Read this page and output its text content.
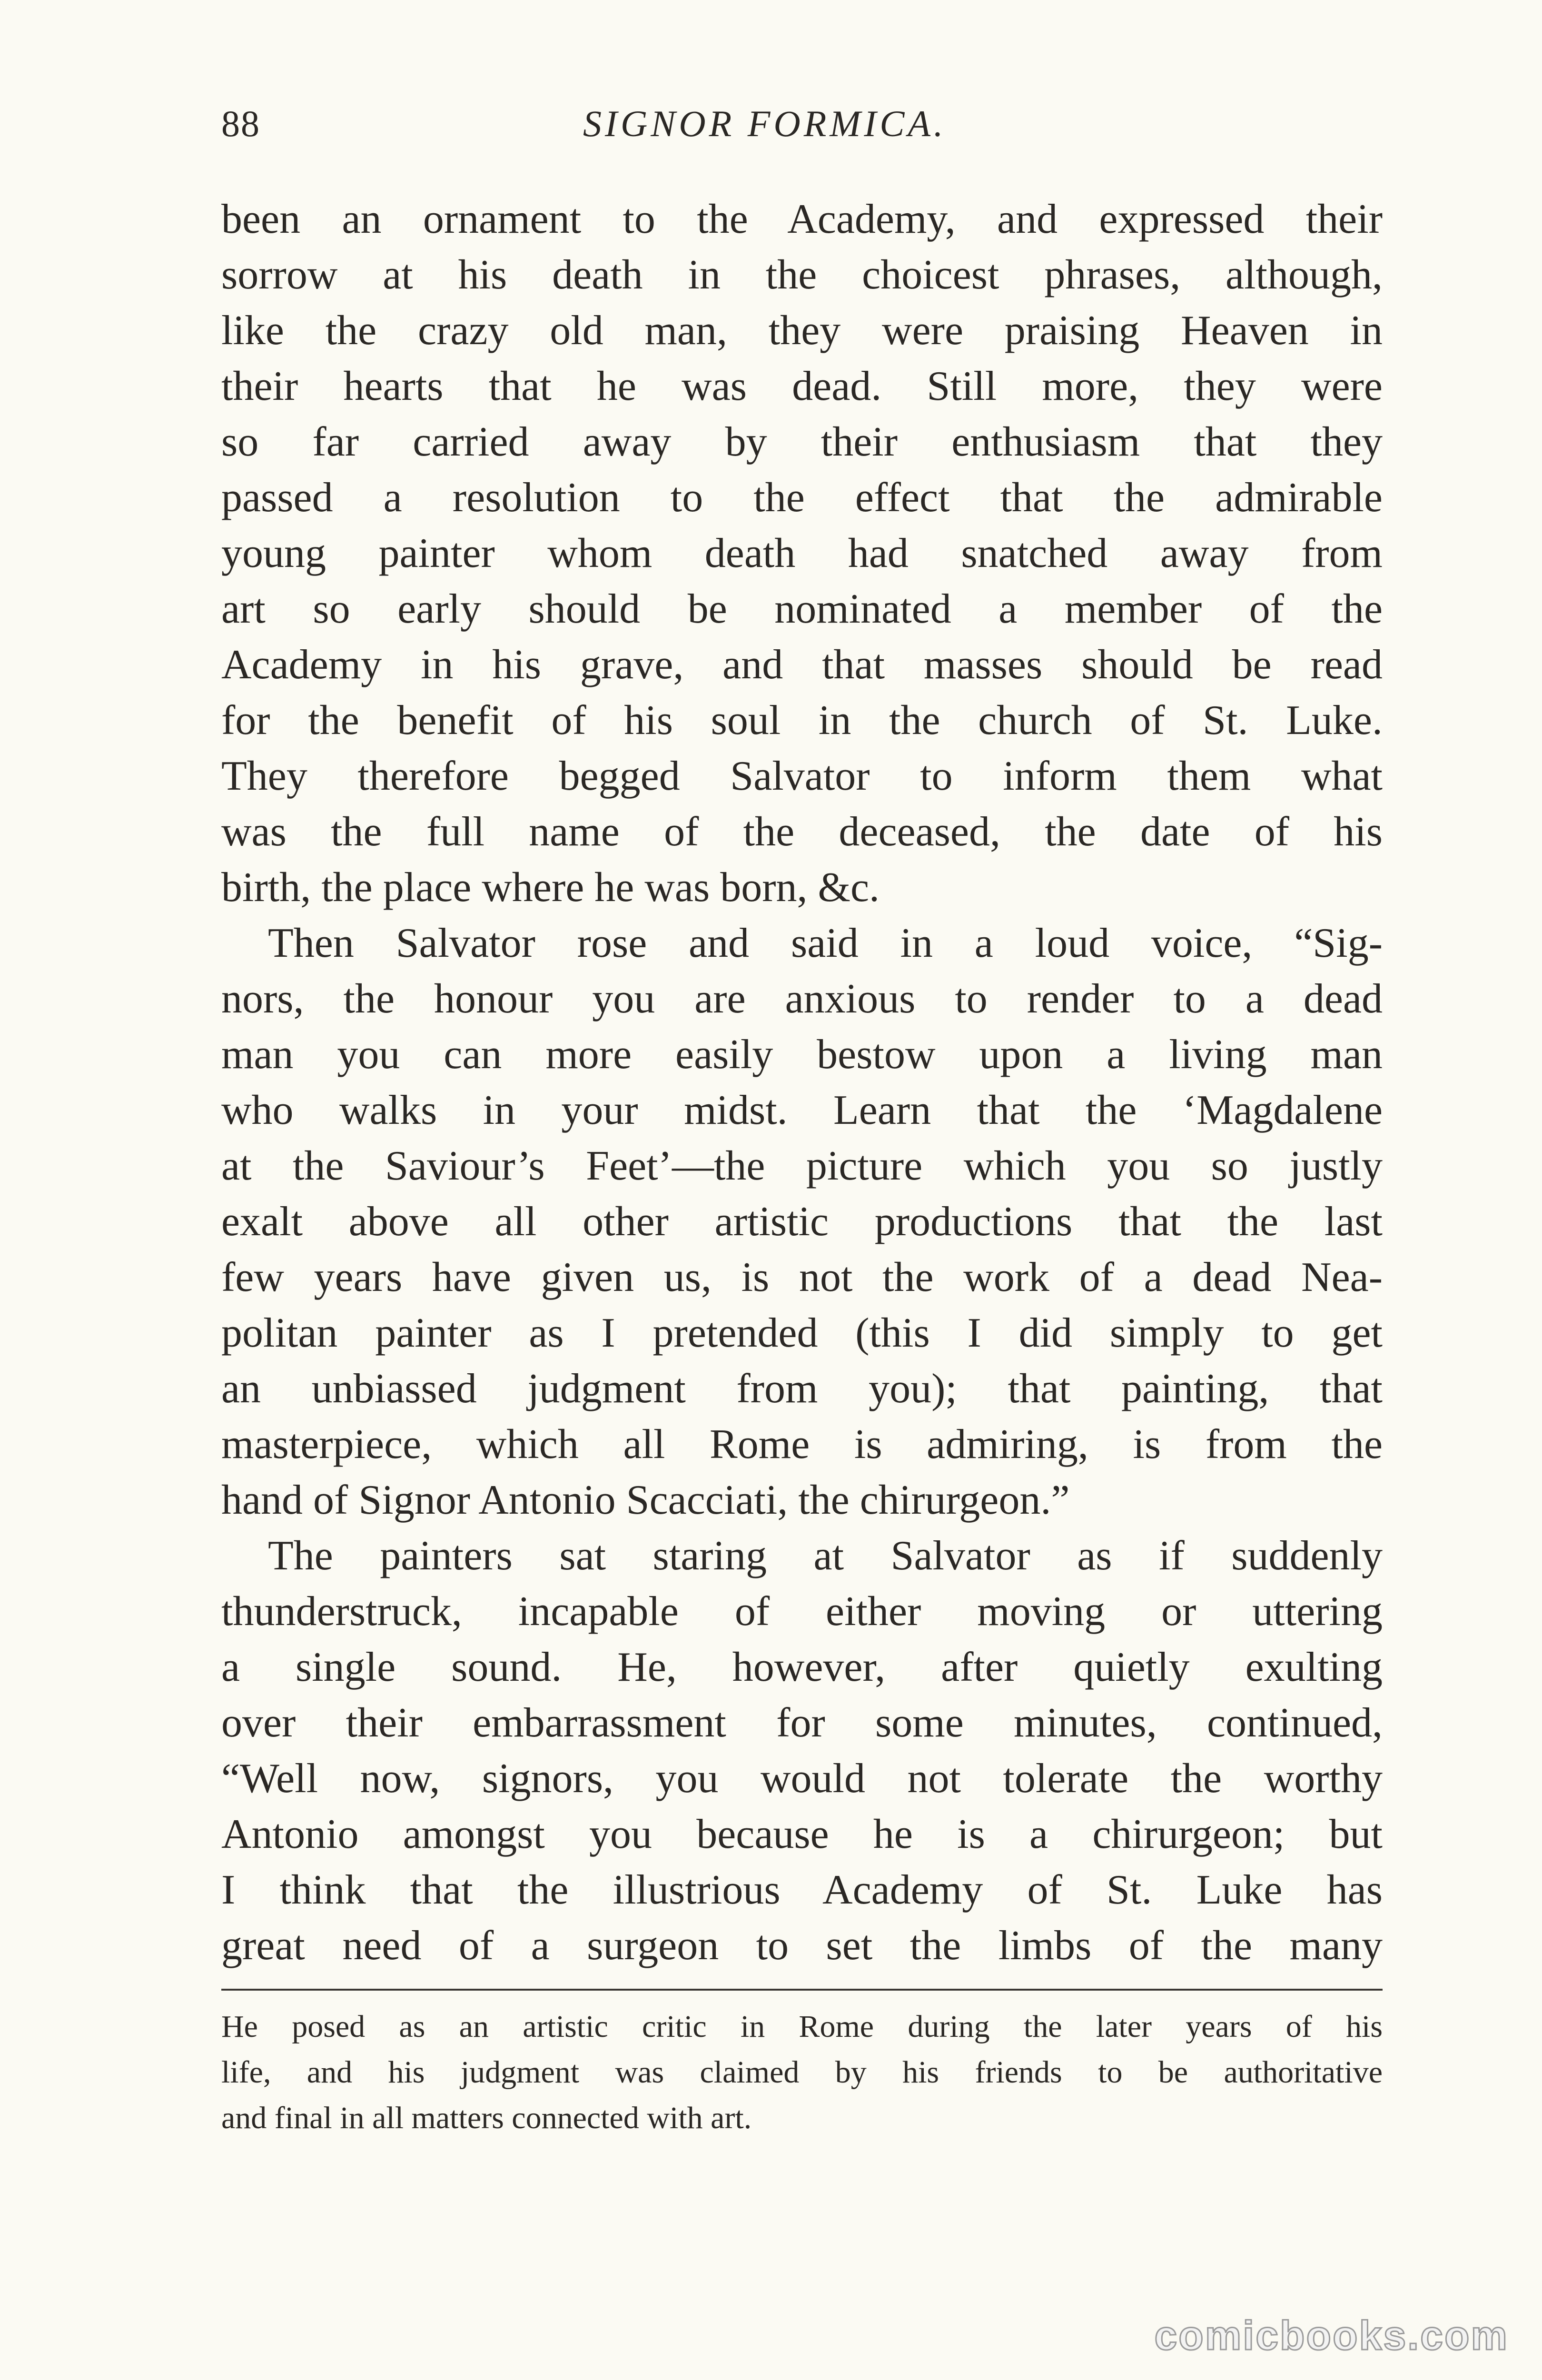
88	SIGNOR FORMICA.
been an ornament to the Academy, and expressed their
sorrow at his death in the choicest phrases, although,
like the crazy old man, they were praising Heaven in
their hearts that he was dead. Still more, they were
so far carried away by their enthusiasm that they
passed a resolution to the effect that the admirable
young painter whom death had snatched away from
art so early should be nominated a member of the
Academy in his grave, and that masses should be read
for the benefit of his soul in the church of St. Luke.
They therefore begged Salvator to inform them what
was the full name of the deceased, the date of his
birth, the place where he was born, &c.
Then Salvator rose and said in a loud voice, “Sig-
nors, the honour you are anxious to render to a dead
man you can more easily bestow upon a living man
who walks in your midst. Learn that the ‘Magdalene
at the Saviour’s Feet’—the picture which you so justly
exalt above all other artistic productions that the last
few years have given us, is not the work of a dead Nea-
politan painter as I pretended (this I did simply to get
an unbiassed judgment from you); that painting, that
masterpiece, which all Rome is admiring, is from the
hand of Signor Antonio Scacciati, the chirurgeon.”
The painters sat staring at Salvator as if suddenly
thunderstruck, incapable of either moving or uttering
a single sound. He, however, after quietly exulting
over their embarrassment for some minutes, continued,
“Well now, signors, you would not tolerate the worthy
Antonio amongst you because he is a chirurgeon; but
I think that the illustrious Academy of St. Luke has
great need of a surgeon to set the limbs of the many
He posed as an artistic critic in Rome during the later years of his
life, and his judgment was claimed by his friends to be authoritative
and final in all matters connected with art.
comicbooks.com
